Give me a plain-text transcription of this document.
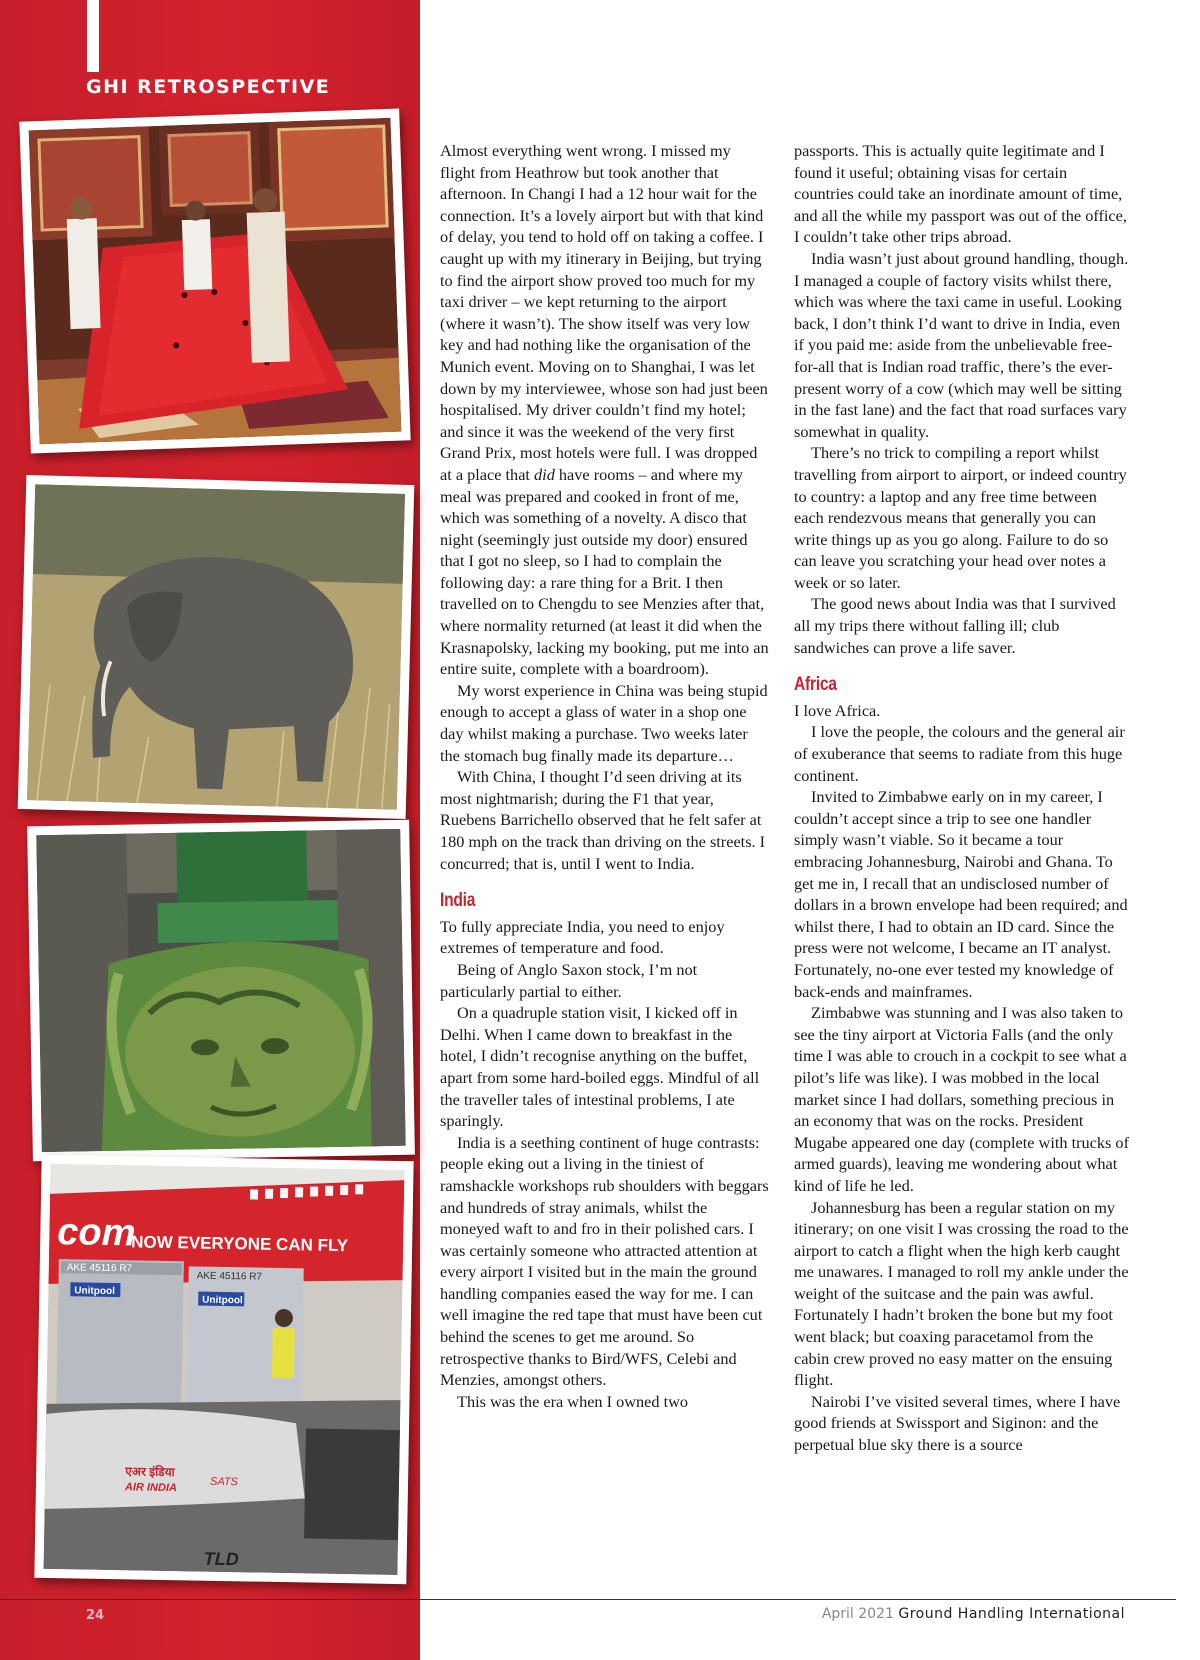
GHI RETROSPECTIVE
com
NOW EVERYONE CAN FLY
AKE 45116 R7
Unitpool
AKE 45116 R7
Unitpool
एअर इंडिया
AIR INDIA	SATS
TLD

Almost everything went wrong. I missed my flight from Heathrow but took another that afternoon. In Changi I had a 12 hour wait for the connection. It’s a lovely airport but with that kind of delay, you tend to hold off on taking a coffee. I caught up with my itinerary in Beijing, but trying to find the airport show proved too much for my taxi driver – we kept returning to the airport (where it wasn’t). The show itself was very low key and had nothing like the organisation of the Munich event. Moving on to Shanghai, I was let down by my interviewee, whose son had just been hospitalised. My driver couldn’t find my hotel; and since it was the weekend of the very first Grand Prix, most hotels were full. I was dropped at a place that did have rooms – and where my meal was prepared and cooked in front of me, which was something of a novelty. A disco that night (seemingly just outside my door) ensured that I got no sleep, so I had to complain the following day: a rare thing for a Brit. I then travelled on to Chengdu to see Menzies after that, where normality returned (at least it did when the Krasnapolsky, lacking my booking, put me into an entire suite, complete with a boardroom).

My worst experience in China was being stupid enough to accept a glass of water in a shop one day whilst making a purchase. Two weeks later the stomach bug finally made its departure…

With China, I thought I’d seen driving at its most nightmarish; during the F1 that year, Ruebens Barrichello observed that he felt safer at 180 mph on the track than driving on the streets. I concurred; that is, until I went to India.

India

To fully appreciate India, you need to enjoy extremes of temperature and food.

Being of Anglo Saxon stock, I’m not particularly partial to either.

On a quadruple station visit, I kicked off in Delhi. When I came down to breakfast in the hotel, I didn’t recognise anything on the buffet, apart from some hard-boiled eggs. Mindful of all the traveller tales of intestinal problems, I ate sparingly.

India is a seething continent of huge contrasts: people eking out a living in the tiniest of ramshackle workshops rub shoulders with beggars and hundreds of stray animals, whilst the moneyed waft to and fro in their polished cars. I was certainly someone who attracted attention at every airport I visited but in the main the ground handling companies eased the way for me. I can well imagine the red tape that must have been cut behind the scenes to get me around. So retrospective thanks to Bird/WFS, Celebi and Menzies, amongst others.

This was the era when I owned two

passports. This is actually quite legitimate and I found it useful; obtaining visas for certain countries could take an inordinate amount of time, and all the while my passport was out of the office, I couldn’t take other trips abroad.

India wasn’t just about ground handling, though. I managed a couple of factory visits whilst there, which was where the taxi came in useful. Looking back, I don’t think I’d want to drive in India, even if you paid me: aside from the unbelievable free-for-all that is Indian road traffic, there’s the ever-present worry of a cow (which may well be sitting in the fast lane) and the fact that road surfaces vary somewhat in quality.

There’s no trick to compiling a report whilst travelling from airport to airport, or indeed country to country: a laptop and any free time between each rendezvous means that generally you can write things up as you go along. Failure to do so can leave you scratching your head over notes a week or so later.

The good news about India was that I survived all my trips there without falling ill; club sandwiches can prove a life saver.

Africa

I love Africa.

I love the people, the colours and the general air of exuberance that seems to radiate from this huge continent.

Invited to Zimbabwe early on in my career, I couldn’t accept since a trip to see one handler simply wasn’t viable. So it became a tour embracing Johannesburg, Nairobi and Ghana. To get me in, I recall that an undisclosed number of dollars in a brown envelope had been required; and whilst there, I had to obtain an ID card. Since the press were not welcome, I became an IT analyst. Fortunately, no-one ever tested my knowledge of back-ends and mainframes.

Zimbabwe was stunning and I was also taken to see the tiny airport at Victoria Falls (and the only time I was able to crouch in a cockpit to see what a pilot’s life was like). I was mobbed in the local market since I had dollars, something precious in an economy that was on the rocks. President Mugabe appeared one day (complete with trucks of armed guards), leaving me wondering about what kind of life he led.

Johannesburg has been a regular station on my itinerary; on one visit I was crossing the road to the airport to catch a flight when the high kerb caught me unawares. I managed to roll my ankle under the weight of the suitcase and the pain was awful. Fortunately I hadn’t broken the bone but my foot went black; but coaxing paracetamol from the cabin crew proved no easy matter on the ensuing flight.

Nairobi I’ve visited several times, where I have good friends at Swissport and Siginon: and the perpetual blue sky there is a source

24	April 2021 Ground Handling International
